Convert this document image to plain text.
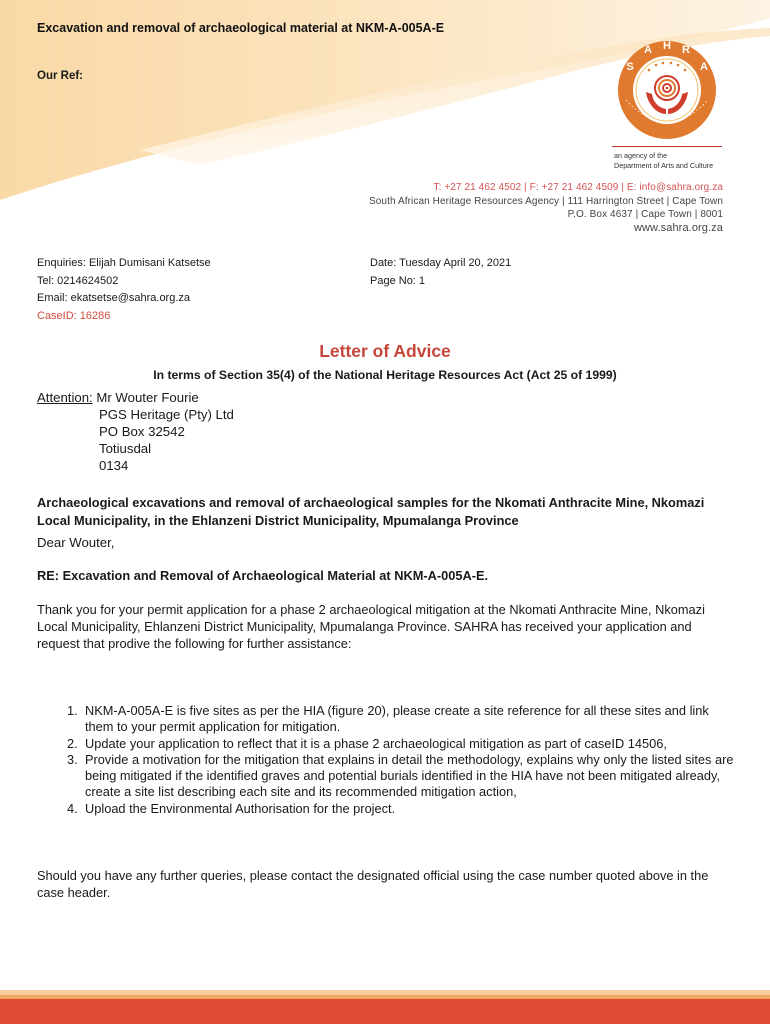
Excavation and removal of archaeological material at NKM-A-005A-E
Our Ref:
S
A H R
A
an agency of the
Department of Arts and Culture
T: +27 21 462 4502 | F: +27 21 462 4509 | E: info@sahra.org.za
South African Heritage Resources Agency | 111 Harrington Street | Cape Town
P.O. Box 4637 | Cape Town | 8001
www.sahra.org.za
Enquiries: Elijah Dumisani Katsetse
Tel: 0214624502
Email: ekatsetse@sahra.org.za
CaseID: 16286
Date: Tuesday April 20, 2021
Page No: 1
Letter of Advice
In terms of Section 35(4) of the National Heritage Resources Act (Act 25 of 1999)
Attention: Mr Wouter Fourie
PGS Heritage (Pty) Ltd
PO Box 32542
Totiusdal
0134
Archaeological excavations and removal of archaeological samples for the Nkomati Anthracite Mine, Nkomazi Local Municipality, in the Ehlanzeni District Municipality, Mpumalanga Province
Dear Wouter,
RE: Excavation and Removal of Archaeological Material at NKM-A-005A-E.
Thank you for your permit application for a phase 2 archaeological mitigation at the Nkomati Anthracite Mine, Nkomazi Local Municipality, Ehlanzeni District Municipality, Mpumalanga Province. SAHRA has received your application and request that prodive the following for further assistance:
1. NKM-A-005A-E is five sites as per the HIA (figure 20), please create a site reference for all these sites and link them to your permit application for mitigation.
2. Update your application to reflect that it is a phase 2 archaeological mitigation as part of caseID 14506,
3. Provide a motivation for the mitigation that explains in detail the methodology, explains why only the listed sites are being mitigated if the identified graves and potential burials identified in the HIA have not been mitigated already, create a site list describing each site and its recommended mitigation action,
4. Upload the Environmental Authorisation for the project.
Should you have any further queries, please contact the designated official using the case number quoted above in the case header.
